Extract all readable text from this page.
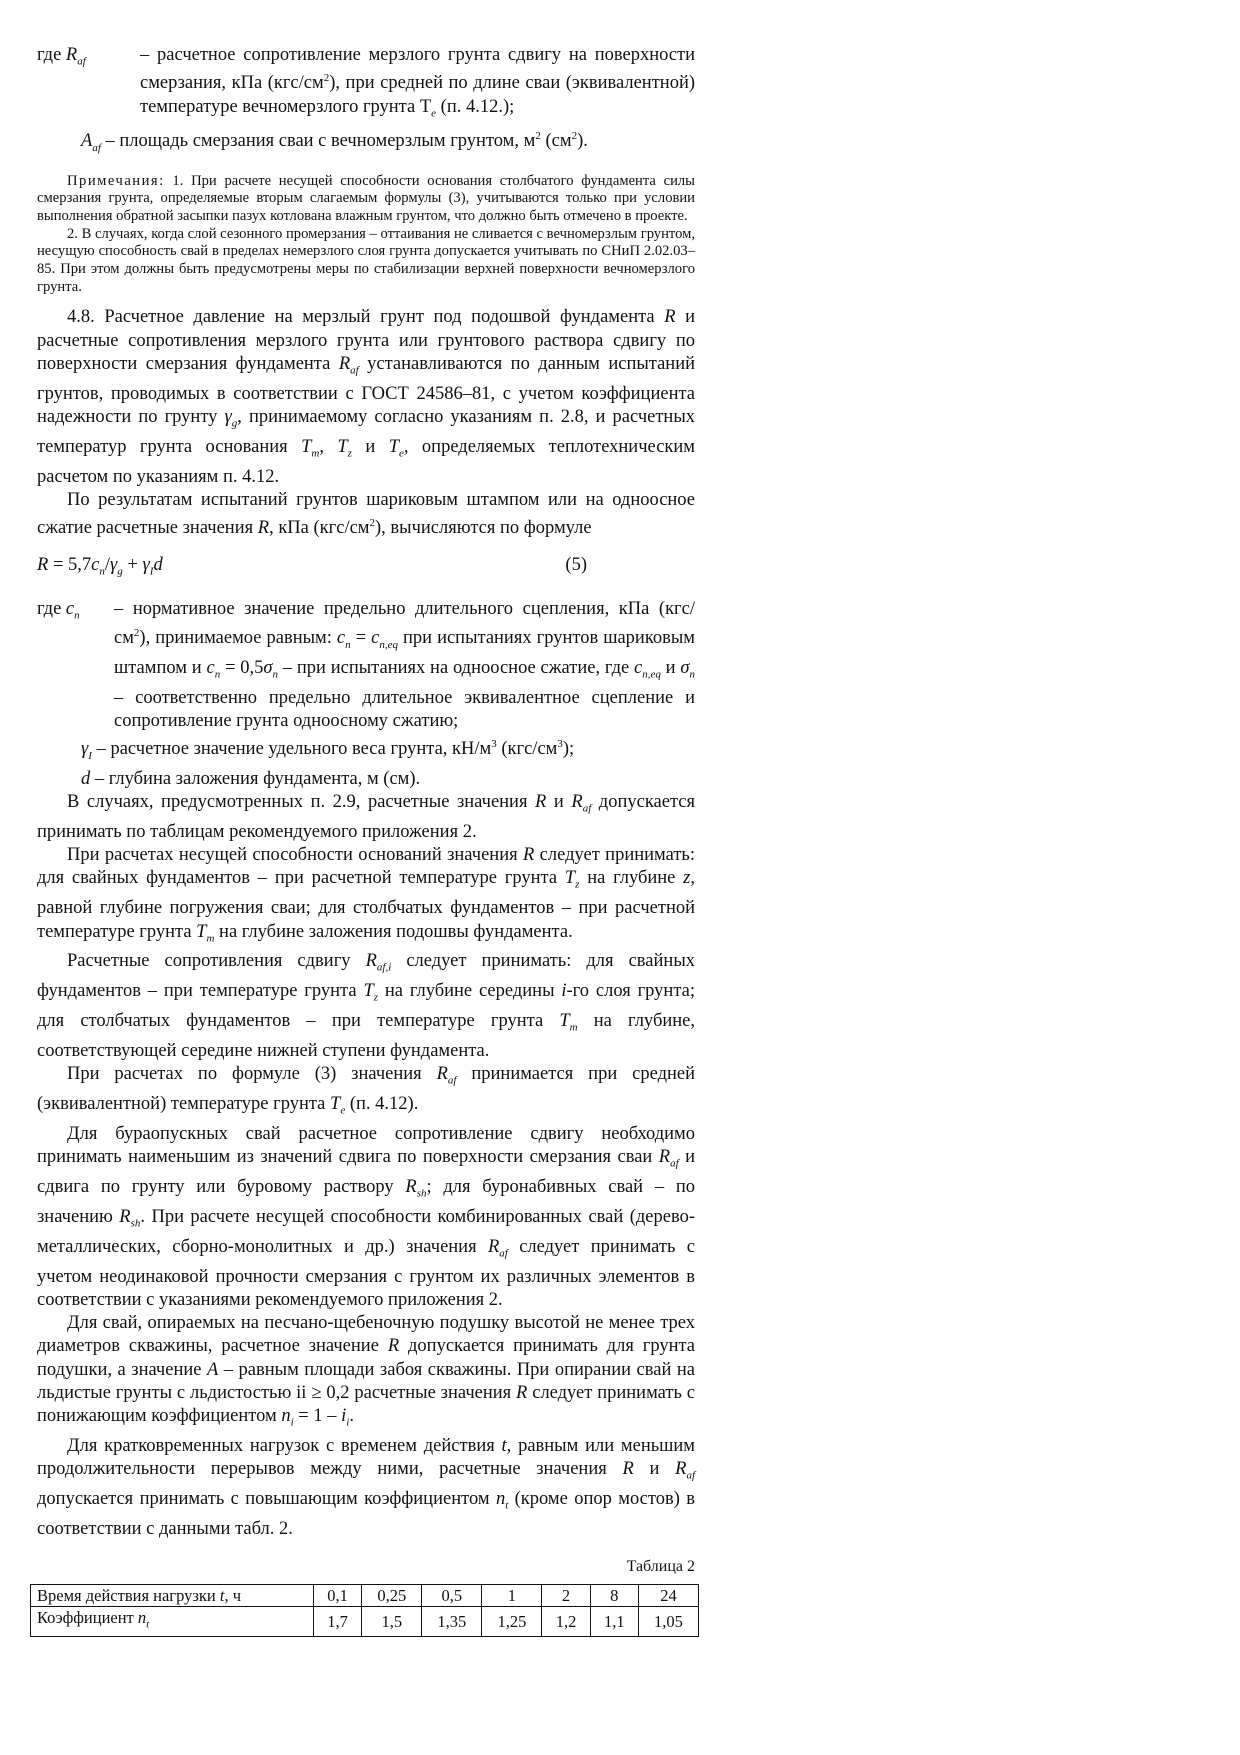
где $R_{af}$	– расчетное сопротивление мерзлого грунта сдвигу на поверхности смерзания, кПа $(кгс/см^2)$, при средней по длине сваи (эквивалентной) температуре вечномерзлого грунта $T_e$ (п. 4.12.);

$A_{af}$ – площадь смерзания сваи с вечномерзлым грунтом, $м^2$ $(см^2)$.

Примечания: 1. При расчете несущей способности основания столбчатого фундамента силы смерзания грунта, определяемые вторым слагаемым формулы (3), учитываются только при условии выполнения обратной засыпки пазух котлована влажным грунтом, что должно быть отмечено в проекте.

2. В случаях, когда слой сезонного промерзания – оттаивания не сливается с вечномерзлым грунтом, несущую способность свай в пределах немерзлого слоя грунта допускается учитывать по СНиП 2.02.03–85. При этом должны быть предусмотрены меры по стабилизации верхней поверхности вечномерзлого грунта.

4.8. Расчетное давление на мерзлый грунт под подошвой фундамента R и расчетные сопротивления мерзлого грунта или грунтового раствора сдвигу по поверхности смерзания фундамента $R_{af}$ устанавливаются по данным испытаний грунтов, проводимых в соответствии с ГОСТ 24586–81, с учетом коэффициента надежности по грунту $\gamma_g$, принимаемому согласно указаниям п. 2.8, и расчетных температур грунта основания $T_m$, $T_z$ и $T_e$, определяемых теплотехническим расчетом по указаниям п. 4.12.

По результатам испытаний грунтов шариковым штампом или на одноосное сжатие расчетные значения R, кПа $(кгс/см^2)$, вычисляются по формуле

$R = 5,7c_n/\gamma_g + \gamma_Id$	(5)
где $c_n$	– нормативное значение предельно длительного сцепления, кПа $(кгс/см^2)$, принимаемое равным: $c_n = c_{n,eq}$ при испытаниях грунтов шариковым штампом и $c_n = 0,5\sigma_n$ – при испытаниях на одноосное сжатие, где $c_{n,eq}$ и $\sigma_n$ – соответственно предельно длительное эквивалентное сцепление и сопротивление грунта одноосному сжатию;

$\gamma_I$ – расчетное значение удельного веса грунта, $кН/м^3$ $(кгс/см^3)$;

d – глубина заложения фундамента, м (см).

В случаях, предусмотренных п. 2.9, расчетные значения R и $R_{af}$ допускается принимать по таблицам рекомендуемого приложения 2.

При расчетах несущей способности оснований значения R следует принимать: для свайных фундаментов – при расчетной температуре грунта $T_z$ на глубине z, равной глубине погружения сваи; для столбчатых фундаментов – при расчетной температуре грунта $T_m$ на глубине заложения подошвы фундамента.

Расчетные сопротивления сдвигу $R_{af,i}$ следует принимать: для свайных фундаментов – при температуре грунта $T_z$ на глубине середины i-го слоя грунта; для столбчатых фундаментов – при температуре грунта $T_m$ на глубине, соответствующей середине нижней ступени фундамента.

При расчетах по формуле (3) значения $R_{af}$ принимается при средней (эквивалентной) температуре грунта $T_e$ (п. 4.12).

Для бураопускных свай расчетное сопротивление сдвигу необходимо принимать наименьшим из значений сдвига по поверхности смерзания сваи $R_{af}$ и сдвига по грунту или буровому раствору $R_{sh}$; для буронабивных свай – по значению $R_{sh}$. При расчете несущей способности комбинированных свай (дерево-металлических, сборно-монолитных и др.) значения $R_{af}$ следует принимать с учетом неодинаковой прочности смерзания с грунтом их различных элементов в соответствии с указаниями рекомендуемого приложения 2.

Для свай, опираемых на песчано-щебеночную подушку высотой не менее трех диаметров скважины, расчетное значение R допускается принимать для грунта подушки, а значение A – равным площади забоя скважины. При опирании свай на льдистые грунты с льдистостью ii ≥ 0,2 расчетные значения R следует принимать с понижающим коэффициентом $n_i = 1 - i_i$.

Для кратковременных нагрузок с временем действия t, равным или меньшим продолжительности перерывов между ними, расчетные значения R и $R_{af}$ допускается принимать с повышающим коэффициентом $n_t$ (кроме опор мостов) в соответствии с данными табл. 2.

Таблица 2
Время действия нагрузки t, ч	0,1	0,25	0,5	1	2	8	24
Коэффициент $n_t$	1,7	1,5	1,35	1,25	1,2	1,1	1,05
